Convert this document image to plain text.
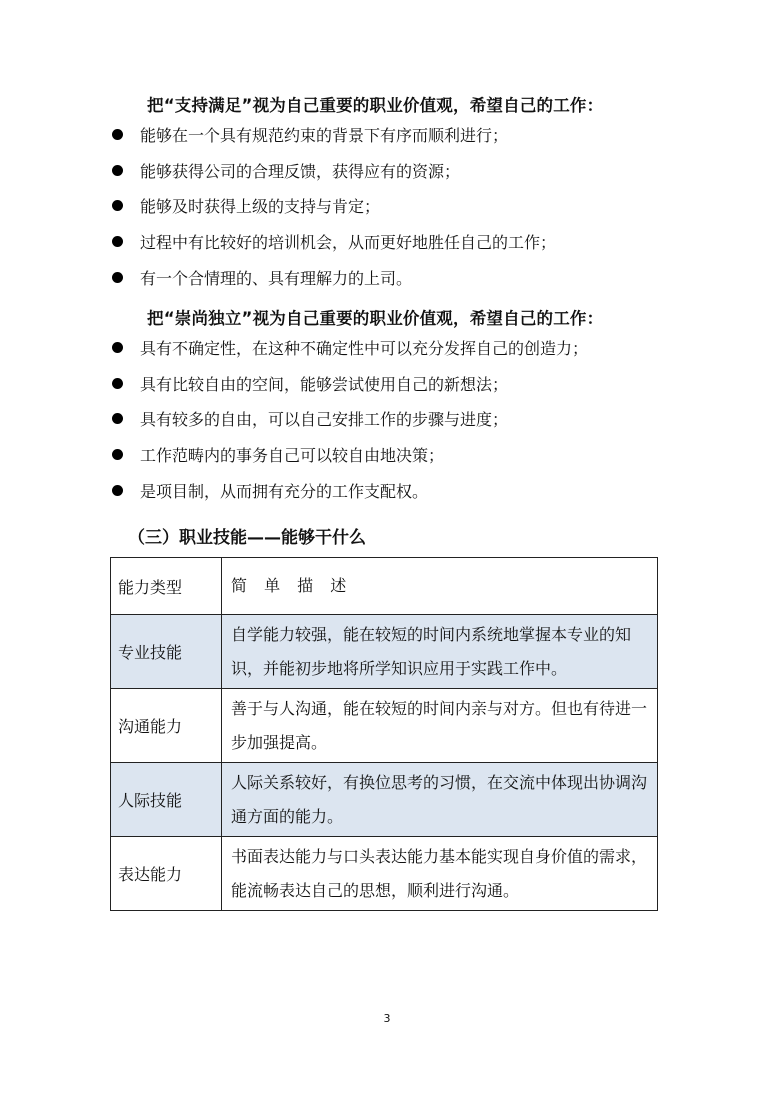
把“支持满足”视为自己重要的职业价值观，希望自己的工作：
能够在一个具有规范约束的背景下有序而顺利进行；
能够获得公司的合理反馈，获得应有的资源；
能够及时获得上级的支持与肯定；
过程中有比较好的培训机会，从而更好地胜任自己的工作；
有一个合情理的、具有理解力的上司。
把“崇尚独立”视为自己重要的职业价值观，希望自己的工作：
具有不确定性，在这种不确定性中可以充分发挥自己的创造力；
具有比较自由的空间，能够尝试使用自己的新想法；
具有较多的自由，可以自己安排工作的步骤与进度；
工作范畴内的事务自己可以较自由地决策；
是项目制，从而拥有充分的工作支配权。
（三）职业技能——能够干什么
能力类型	简 单 描 述
专业技能	自学能力较强，能在较短的时间内系统地掌握本专业的知识，并能初步地将所学知识应用于实践工作中。
沟通能力	善于与人沟通，能在较短的时间内亲与对方。但也有待进一步加强提高。
人际技能	人际关系较好，有换位思考的习惯，在交流中体现出协调沟通方面的能力。
表达能力	书面表达能力与口头表达能力基本能实现自身价值的需求，能流畅表达自己的思想，顺利进行沟通。
3
